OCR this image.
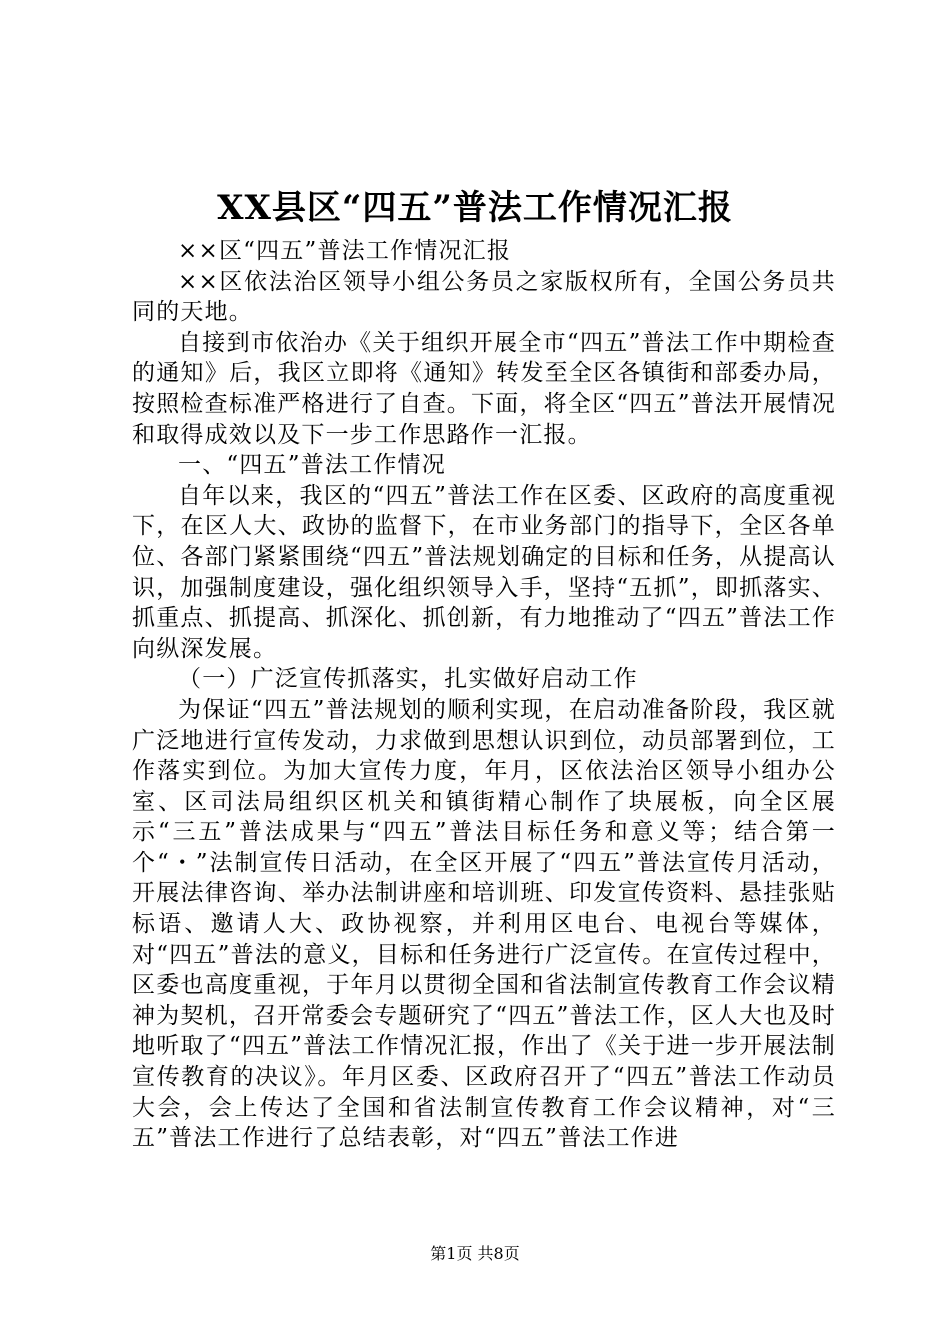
XX县区“四五”普法工作情况汇报

××区“四五”普法工作情况汇报

××区依法治区领导小组公务员之家版权所有，全国公务员共同的天地。

自接到市依治办《关于组织开展全市“四五”普法工作中期检查的通知》后，我区立即将《通知》转发至全区各镇街和部委办局，按照检查标准严格进行了自查。下面，将全区“四五”普法开展情况和取得成效以及下一步工作思路作一汇报。

一、“四五”普法工作情况

自年以来，我区的“四五”普法工作在区委、区政府的高度重视下，在区人大、政协的监督下，在市业务部门的指导下，全区各单位、各部门紧紧围绕“四五”普法规划确定的目标和任务，从提高认识，加强制度建设，强化组织领导入手，坚持“五抓”，即抓落实、抓重点、抓提高、抓深化、抓创新，有力地推动了“四五”普法工作向纵深发展。

（一）广泛宣传抓落实，扎实做好启动工作

为保证“四五”普法规划的顺利实现，在启动准备阶段，我区就广泛地进行宣传发动，力求做到思想认识到位，动员部署到位，工作落实到位。为加大宣传力度，年月，区依法治区领导小组办公室、区司法局组织区机关和镇街精心制作了块展板，向全区展示“三五”普法成果与“四五”普法目标任务和意义等；结合第一个“・”法制宣传日活动，在全区开展了“四五”普法宣传月活动，开展法律咨询、举办法制讲座和培训班、印发宣传资料、悬挂张贴标语、邀请人大、政协视察，并利用区电台、电视台等媒体，对“四五”普法的意义，目标和任务进行广泛宣传。在宣传过程中，区委也高度重视，于年月以贯彻全国和省法制宣传教育工作会议精神为契机，召开常委会专题研究了“四五”普法工作，区人大也及时地听取了“四五”普法工作情况汇报，作出了《关于进一步开展法制宣传教育的决议》。年月区委、区政府召开了“四五”普法工作动员大会，会上传达了全国和省法制宣传教育工作会议精神，对“三五”普法工作进行了总结表彰，对“四五”普法工作进

第1页 共8页
